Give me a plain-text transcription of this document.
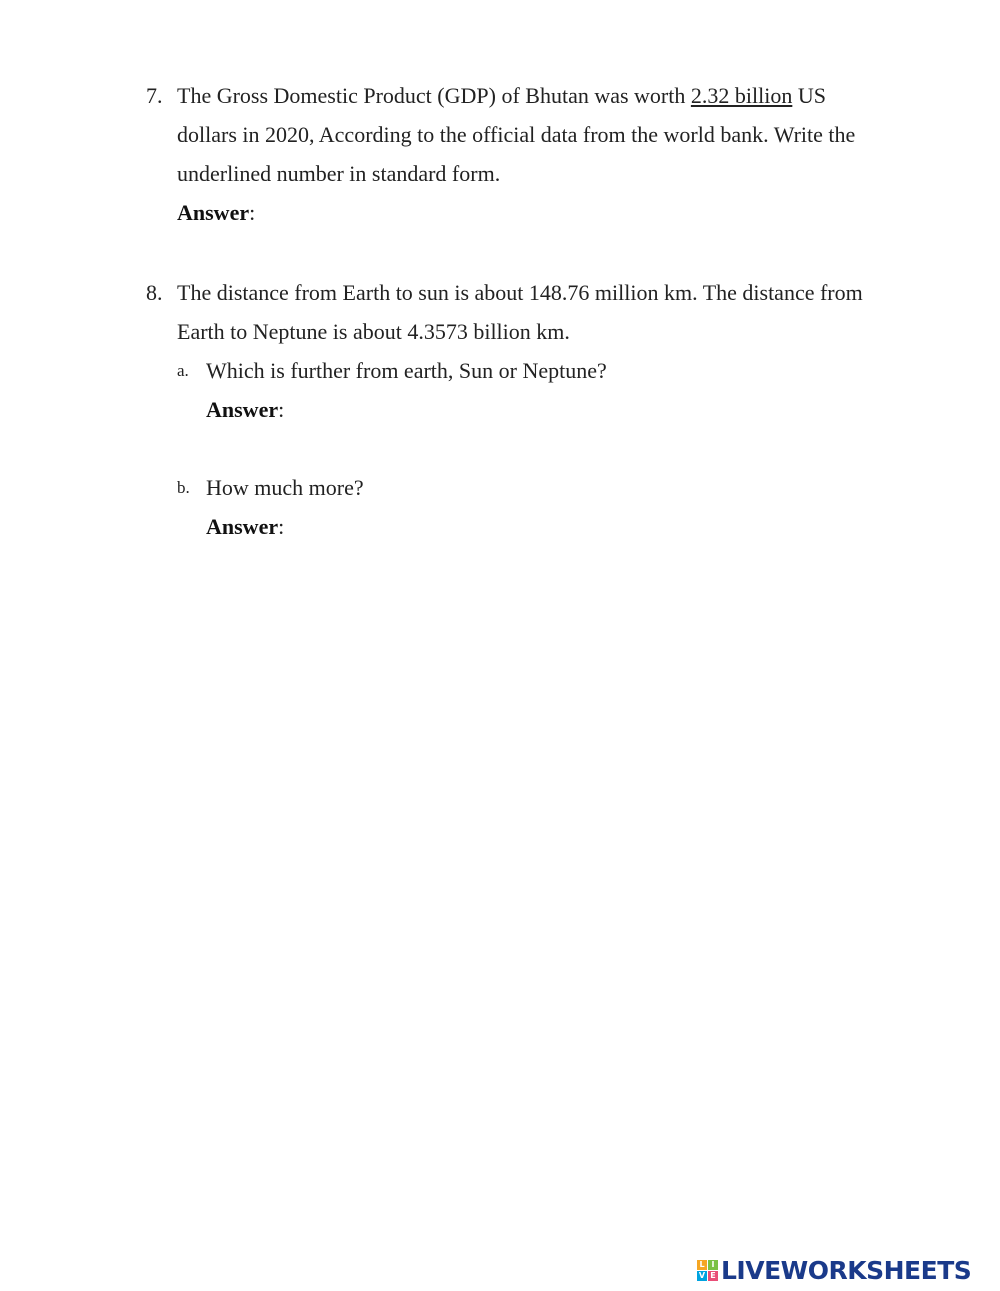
7. The Gross Domestic Product (GDP) of Bhutan was worth 2.32 billion US dollars in 2020, According to the official data from the world bank. Write the underlined number in standard form.
Answer:
8. The distance from Earth to sun is about 148.76 million km. The distance from Earth to Neptune is about 4.3573 billion km.
a. Which is further from earth, Sun or Neptune?
Answer:
b. How much more?
Answer:
L I
V E LIVEWORKSHEETS
